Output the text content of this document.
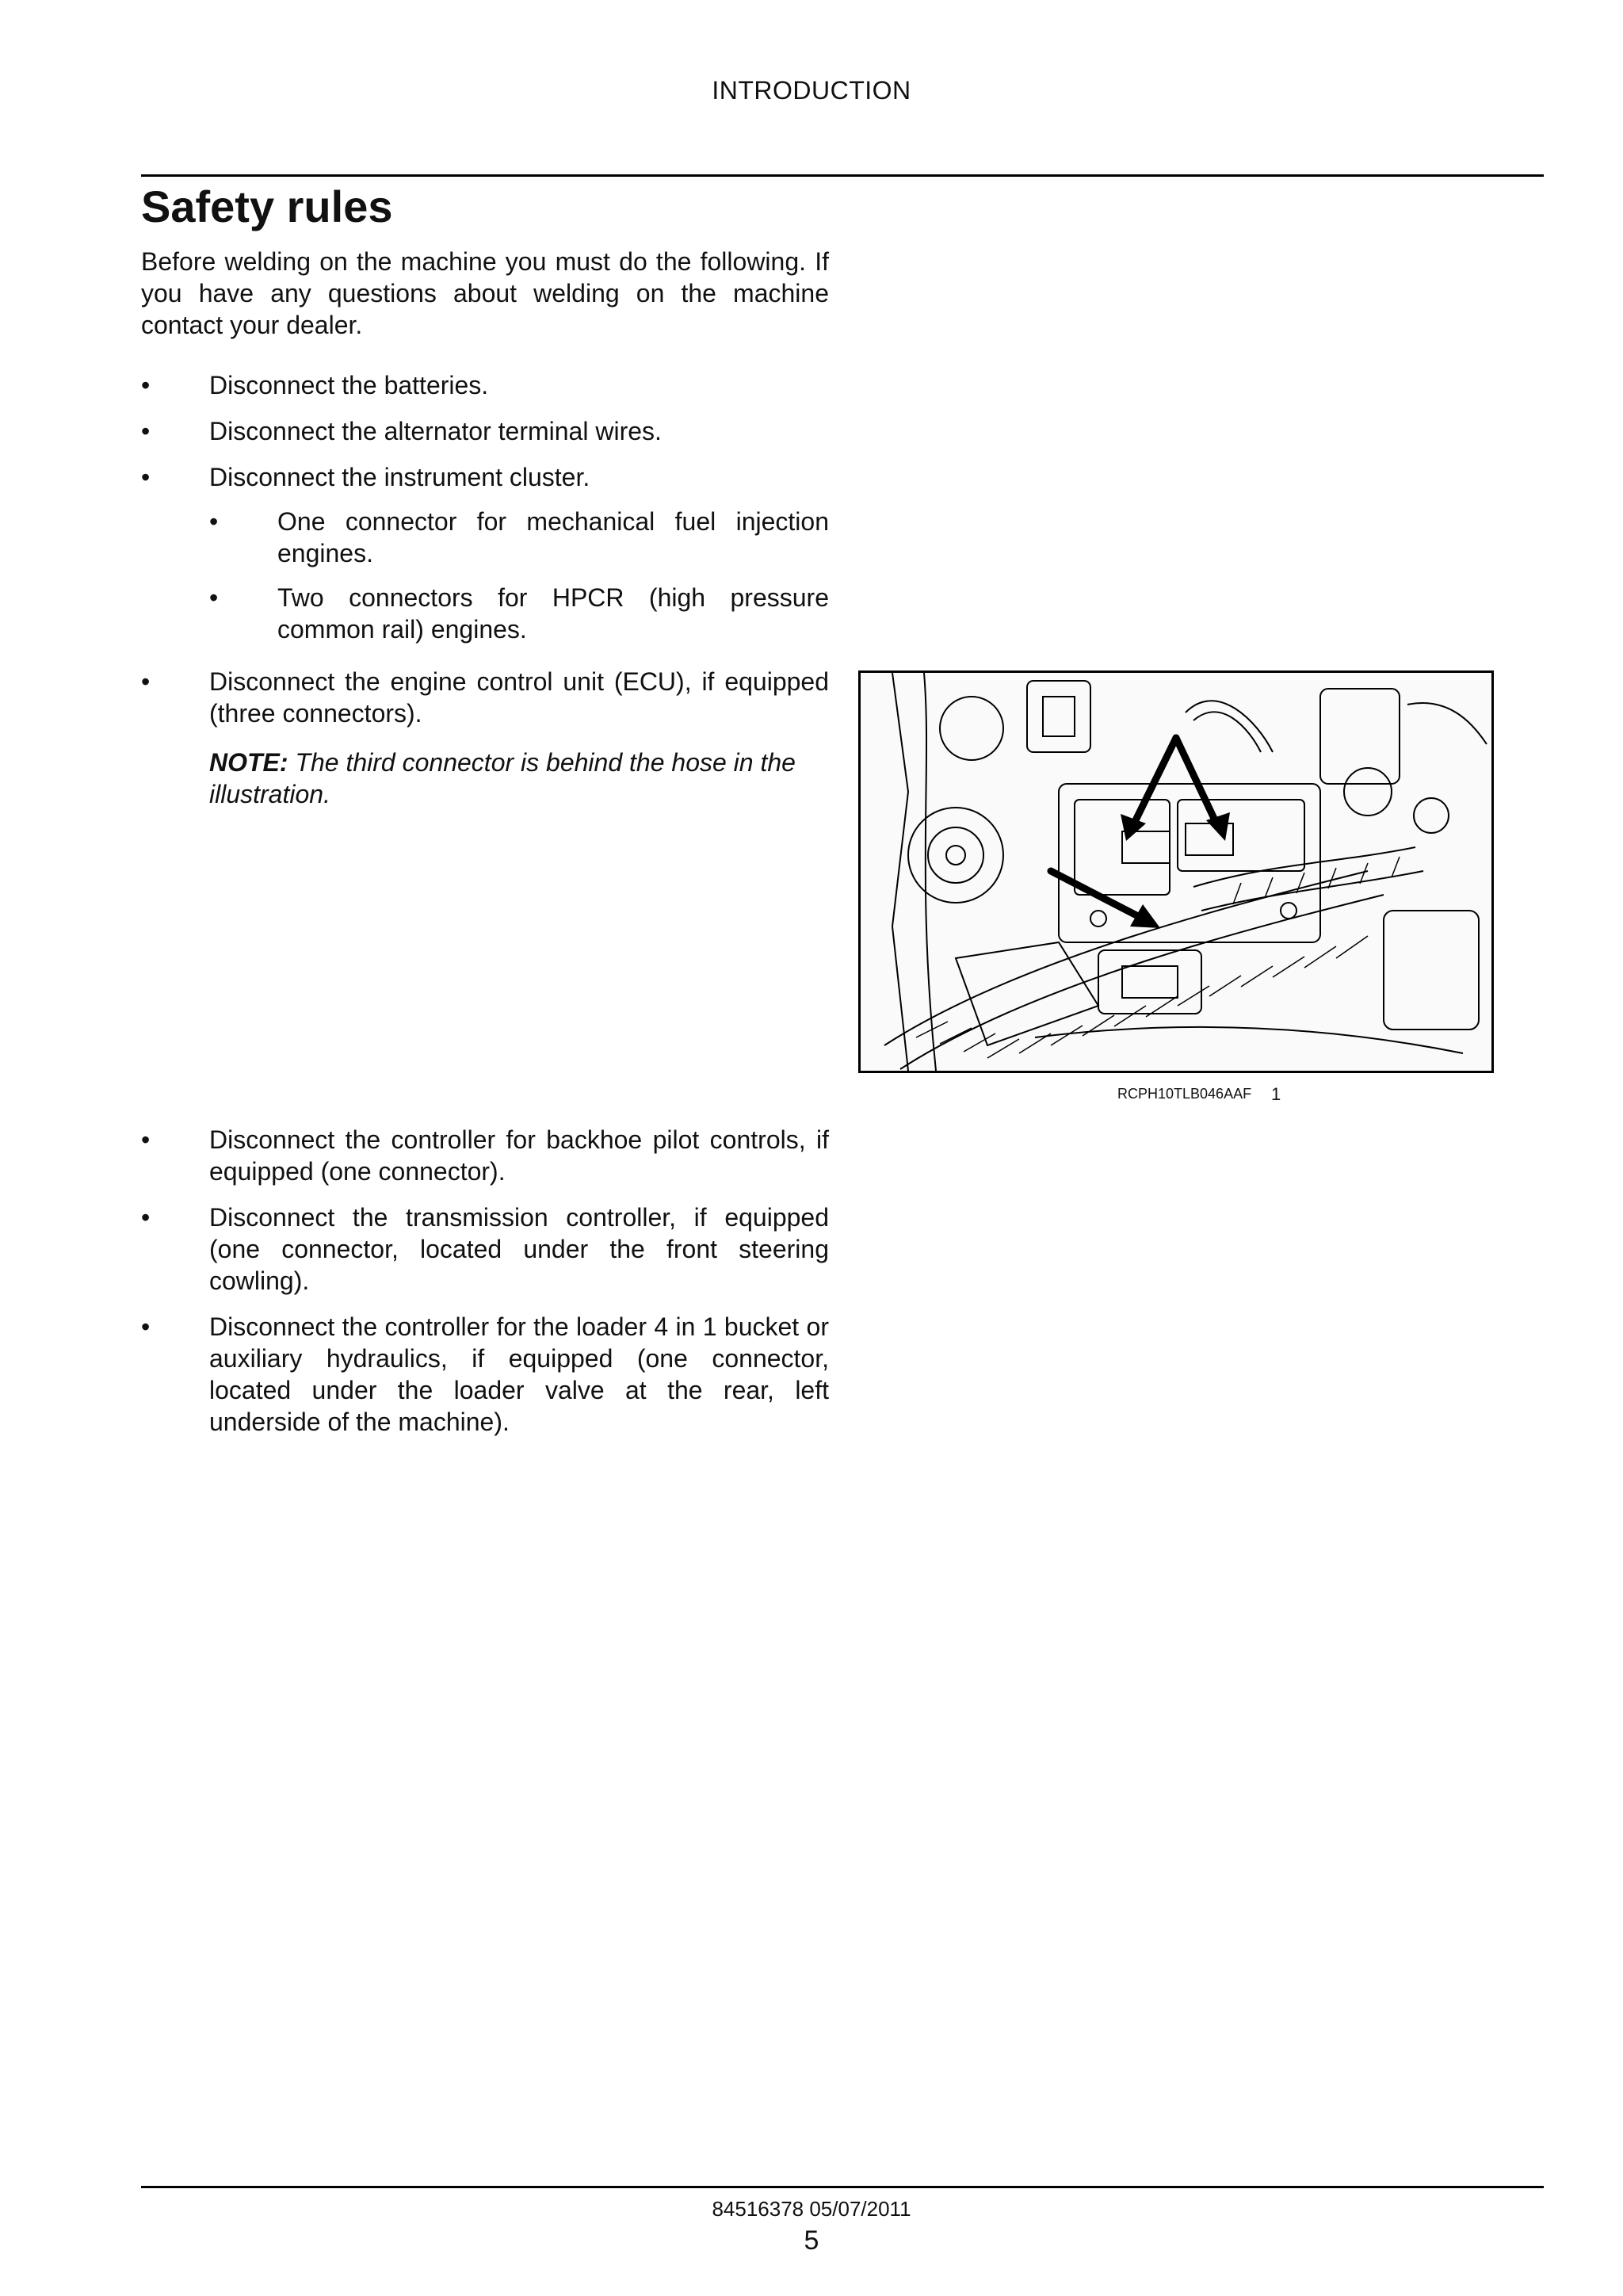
INTRODUCTION
Safety rules

Before welding on the machine you must do the following. If you have any questions about welding on the machine contact your dealer.

• Disconnect the batteries.
• Disconnect the alternator terminal wires.
• Disconnect the instrument cluster.
• One connector for mechanical fuel injection engines.
• Two connectors for HPCR (high pressure common rail) engines.
• Disconnect the engine control unit (ECU), if equipped (three connectors).
NOTE: The third connector is behind the hose in the illustration.
• Disconnect the controller for backhoe pilot controls, if equipped (one connector).
• Disconnect the transmission controller, if equipped (one connector, located under the front steering cowling).
• Disconnect the controller for the loader 4 in 1 bucket or auxiliary hydraulics, if equipped (one connector, located under the loader valve at the rear, left underside of the machine).
RCPH10TLB046AAF 1
84516378 05/07/2011
5
